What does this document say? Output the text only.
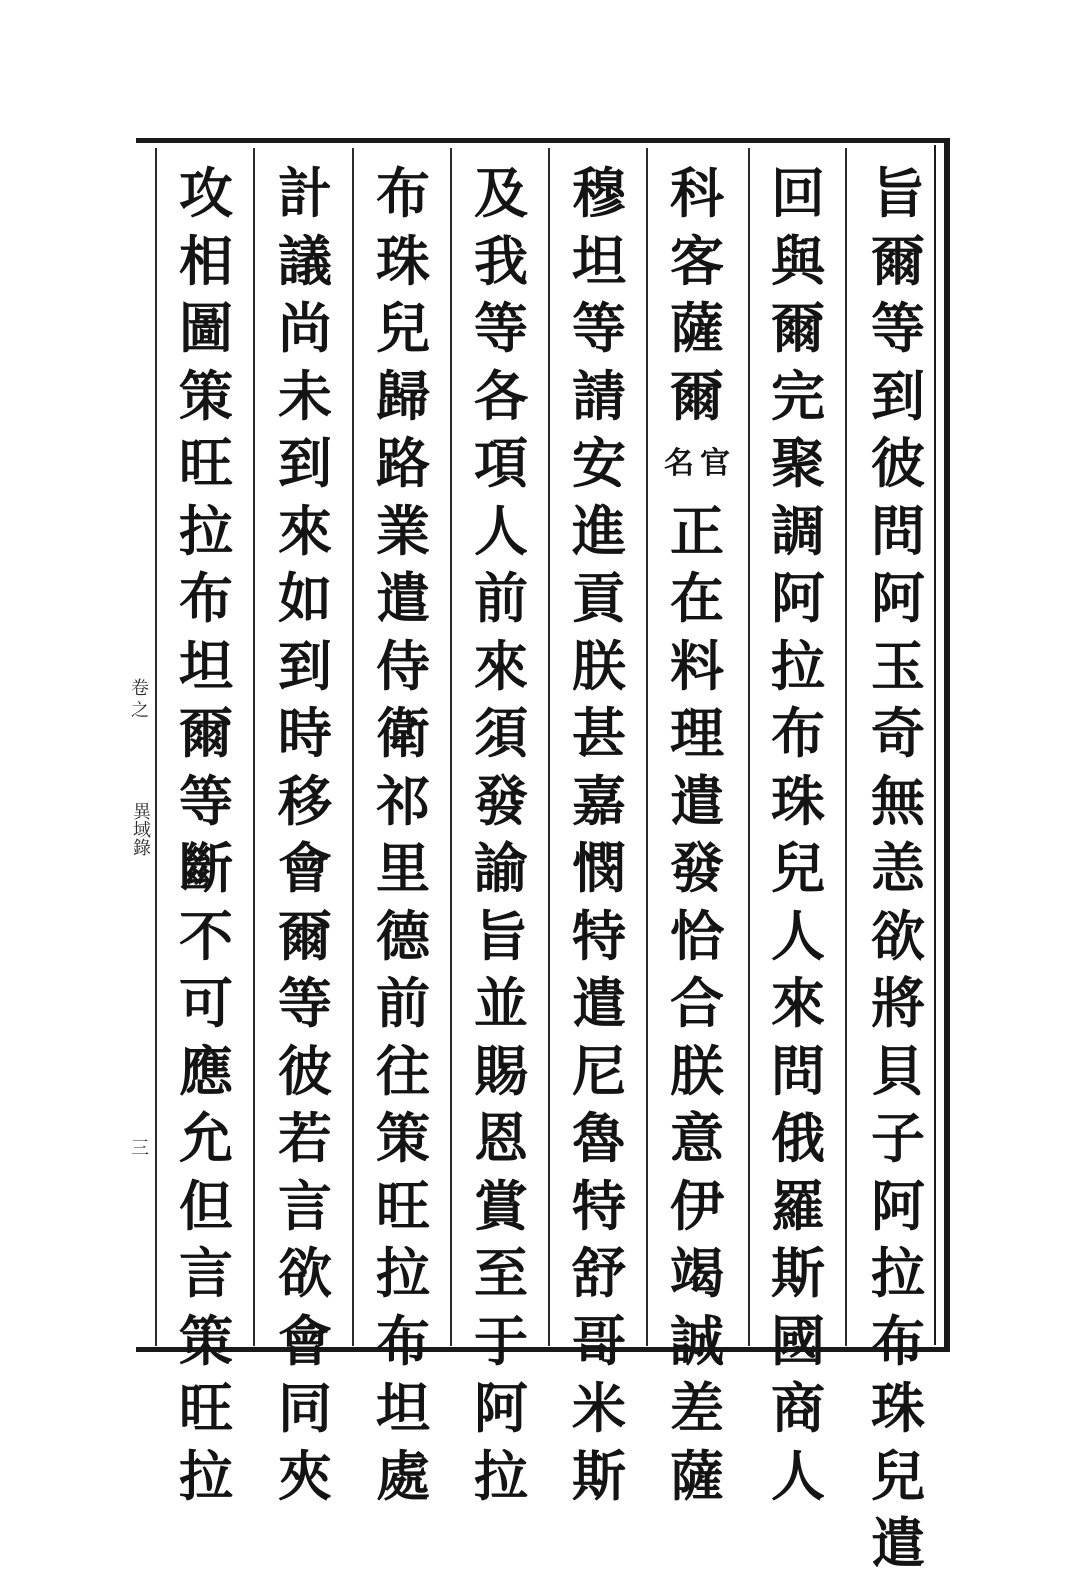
卷之
異域錄
三
旨
爾
等
到
彼
問
阿
玉
奇
無
恙
欲
將
貝
子
阿
拉
布
珠
兒
遣
回
與
爾
完
聚
調
阿
拉
布
珠
兒
人
來
問
俄
羅
斯
國
商
人
科
客
薩
爾
官
名
正
在
料
理
遣
發
恰
合
朕
意
伊
竭
誠
差
薩
穆
坦
等
請
安
進
貢
朕
甚
嘉
憫
特
遣
尼
魯
特
舒
哥
米
斯
及
我
等
各
項
人
前
來
須
發
諭
旨
並
賜
恩
賞
至
于
阿
拉
布
珠
兒
歸
路
業
遣
侍
衛
祁
里
德
前
往
策
旺
拉
布
坦
處
計
議
尚
未
到
來
如
到
時
移
會
爾
等
彼
若
言
欲
會
同
夾
攻
相
圖
策
旺
拉
布
坦
爾
等
斷
不
可
應
允
但
言
策
旺
拉
